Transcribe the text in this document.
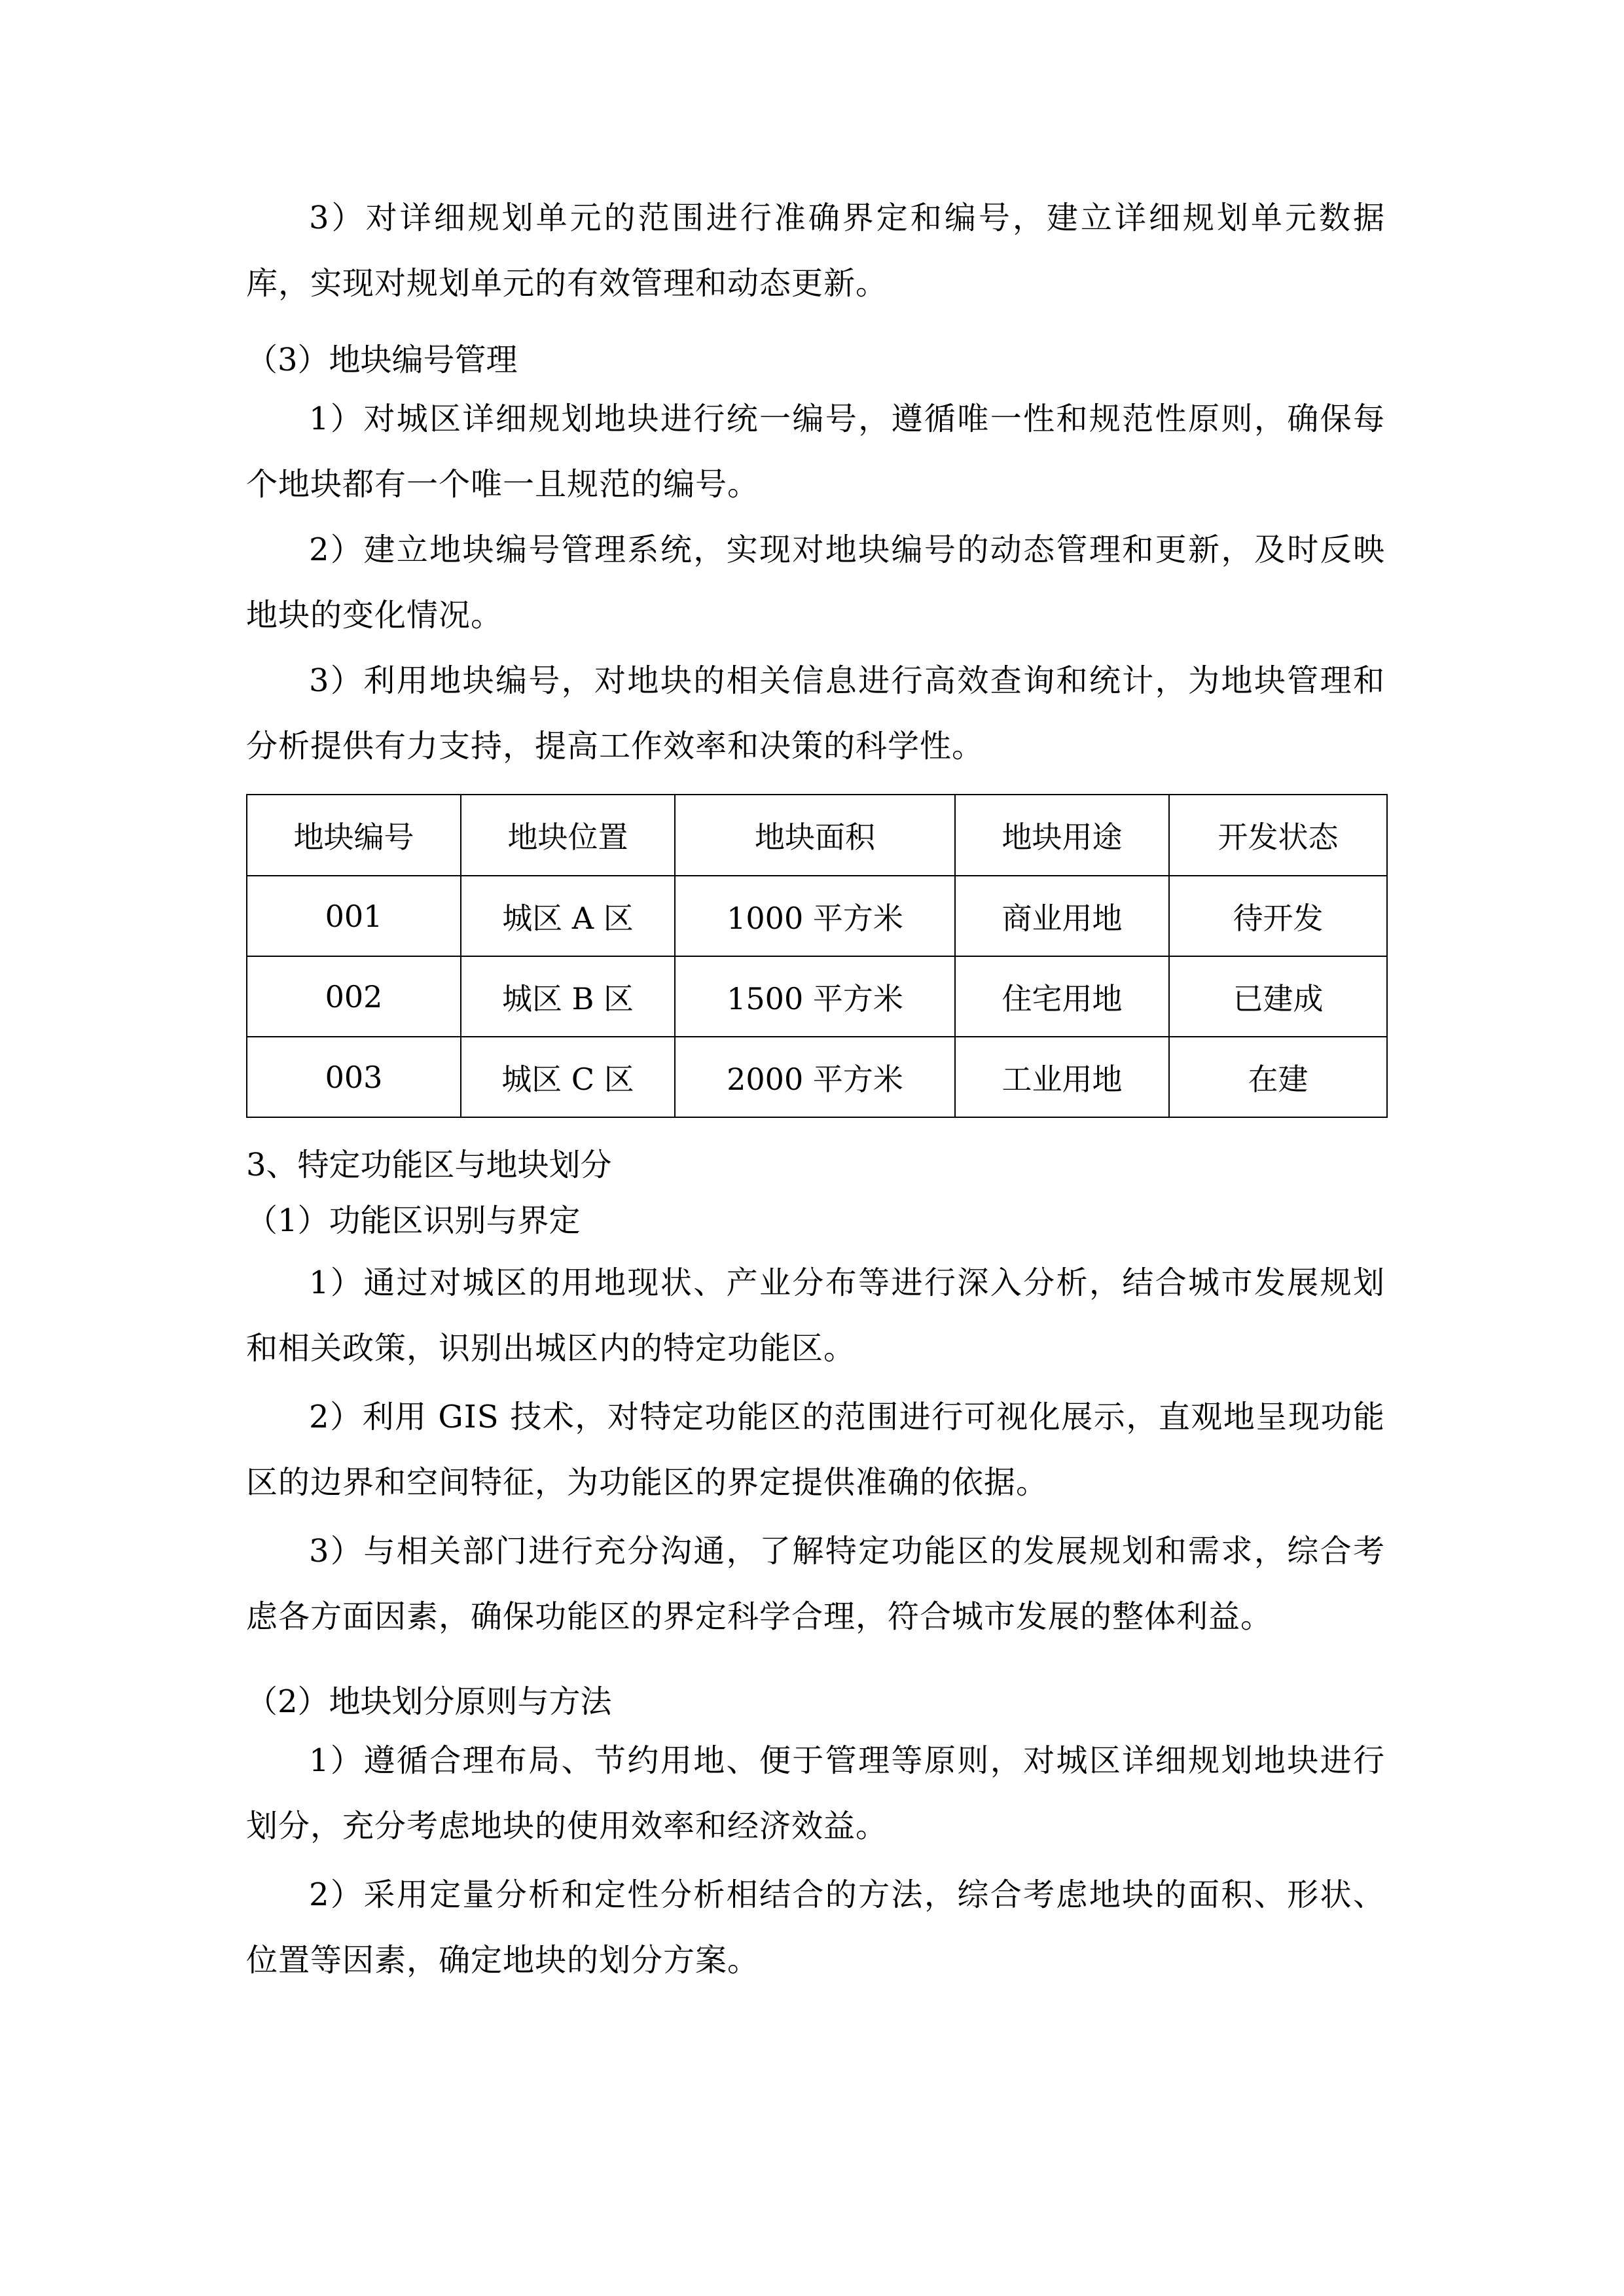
3）对详细规划单元的范围进行准确界定和编号，建立详细规划单元数据库，实现对规划单元的有效管理和动态更新。

（3）地块编号管理

1）对城区详细规划地块进行统一编号，遵循唯一性和规范性原则，确保每个地块都有一个唯一且规范的编号。

2）建立地块编号管理系统，实现对地块编号的动态管理和更新，及时反映地块的变化情况。

3）利用地块编号，对地块的相关信息进行高效查询和统计，为地块管理和分析提供有力支持，提高工作效率和决策的科学性。

地块编号	地块位置	地块面积	地块用途	开发状态
001	城区 A 区	1000 平方米	商业用地	待开发
002	城区 B 区	1500 平方米	住宅用地	已建成
003	城区 C 区	2000 平方米	工业用地	在建

3、特定功能区与地块划分

（1）功能区识别与界定

1）通过对城区的用地现状、产业分布等进行深入分析，结合城市发展规划和相关政策，识别出城区内的特定功能区。

2）利用 GIS 技术，对特定功能区的范围进行可视化展示，直观地呈现功能区的边界和空间特征，为功能区的界定提供准确的依据。

3）与相关部门进行充分沟通，了解特定功能区的发展规划和需求，综合考虑各方面因素，确保功能区的界定科学合理，符合城市发展的整体利益。

（2）地块划分原则与方法

1）遵循合理布局、节约用地、便于管理等原则，对城区详细规划地块进行划分，充分考虑地块的使用效率和经济效益。

2）采用定量分析和定性分析相结合的方法，综合考虑地块的面积、形状、位置等因素，确定地块的划分方案。
